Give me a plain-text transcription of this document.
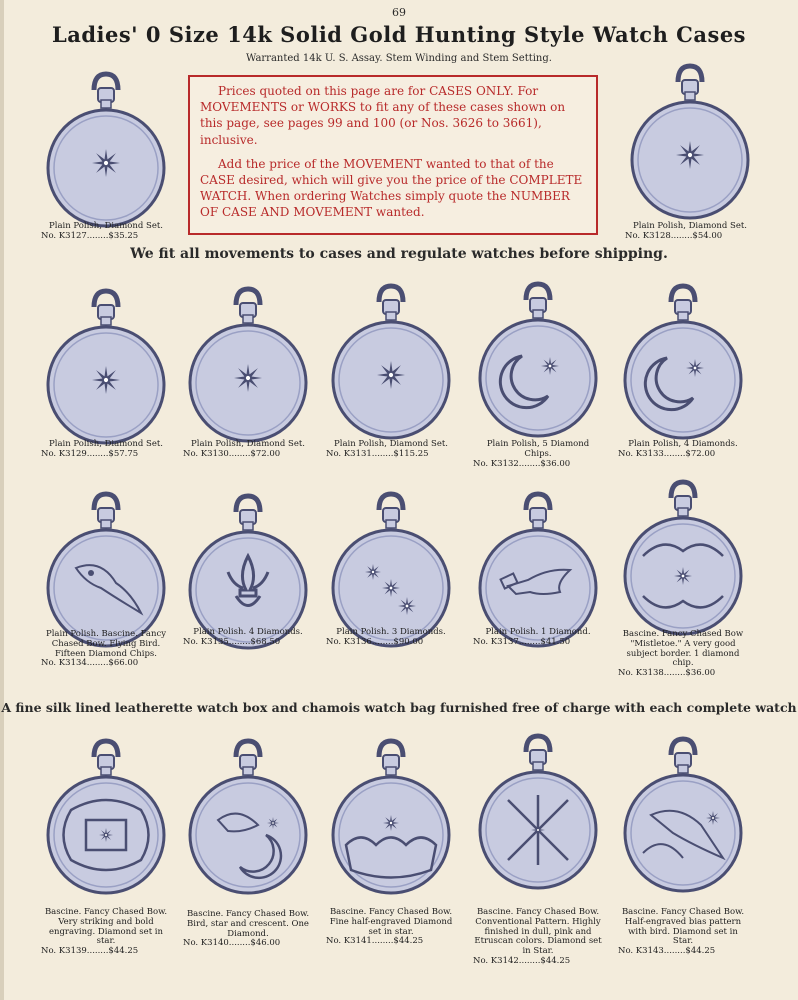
69
Ladies' 0 Size 14k Solid Gold Hunting Style Watch Cases
Warranted 14k U. S. Assay. Stem Winding and Stem Setting.

Prices quoted on this page are for CASES ONLY. For MOVEMENTS or WORKS to fit any of these cases shown on this page, see pages 99 and 100 (or Nos. 3626 to 3661), inclusive.

Add the price of the MOVEMENT wanted to that of the CASE desired, which will give you the price of the COMPLETE WATCH. When ordering Watches simply quote the NUMBER OF CASE AND MOVEMENT wanted.

We fit all movements to cases and regulate watches before shipping.
A fine silk lined leatherette watch box and chamois watch bag furnished free of charge with each complete watch
Plain Polish, Diamond Set.
No. K3127........$35.25
Plain Polish, Diamond Set.
No. K3128........$54.00
Plain Polish, Diamond Set.
No. K3129........$57.75
Plain Polish, Diamond Set.
No. K3130........$72.00
Plain Polish, Diamond Set.
No. K3131........$115.25
Plain Polish, 5 Diamond Chips.
No. K3132........$36.00
Plain Polish, 4 Diamonds.
No. K3133........$72.00
Plain Polish. Bascine. Fancy Chased Bow. Flying Bird. Fifteen Diamond Chips.
No. K3134........$66.00
Plain Polish. 4 Diamonds.
No. K3135........$68.50
Plain Polish. 3 Diamonds.
No. K3136........$90.00
Plain Polish. 1 Diamond.
No. K3137........$41.50
Bascine. Fancy Chased Bow "Mistletoe." A very good subject border. 1 diamond chip.
No. K3138........$36.00
Bascine. Fancy Chased Bow. Very striking and bold engraving. Diamond set in star.
No. K3139........$44.25
Bascine. Fancy Chased Bow. Bird, star and crescent. One Diamond.
No. K3140........$46.00
Bascine. Fancy Chased Bow. Fine half-engraved Diamond set in star.
No. K3141........$44.25
Bascine. Fancy Chased Bow. Conventional Pattern. Highly finished in dull, pink and Etruscan colors. Diamond set in Star.
No. K3142........$44.25
Bascine. Fancy Chased Bow. Half-engraved bias pattern with bird. Diamond set in Star.
No. K3143........$44.25
